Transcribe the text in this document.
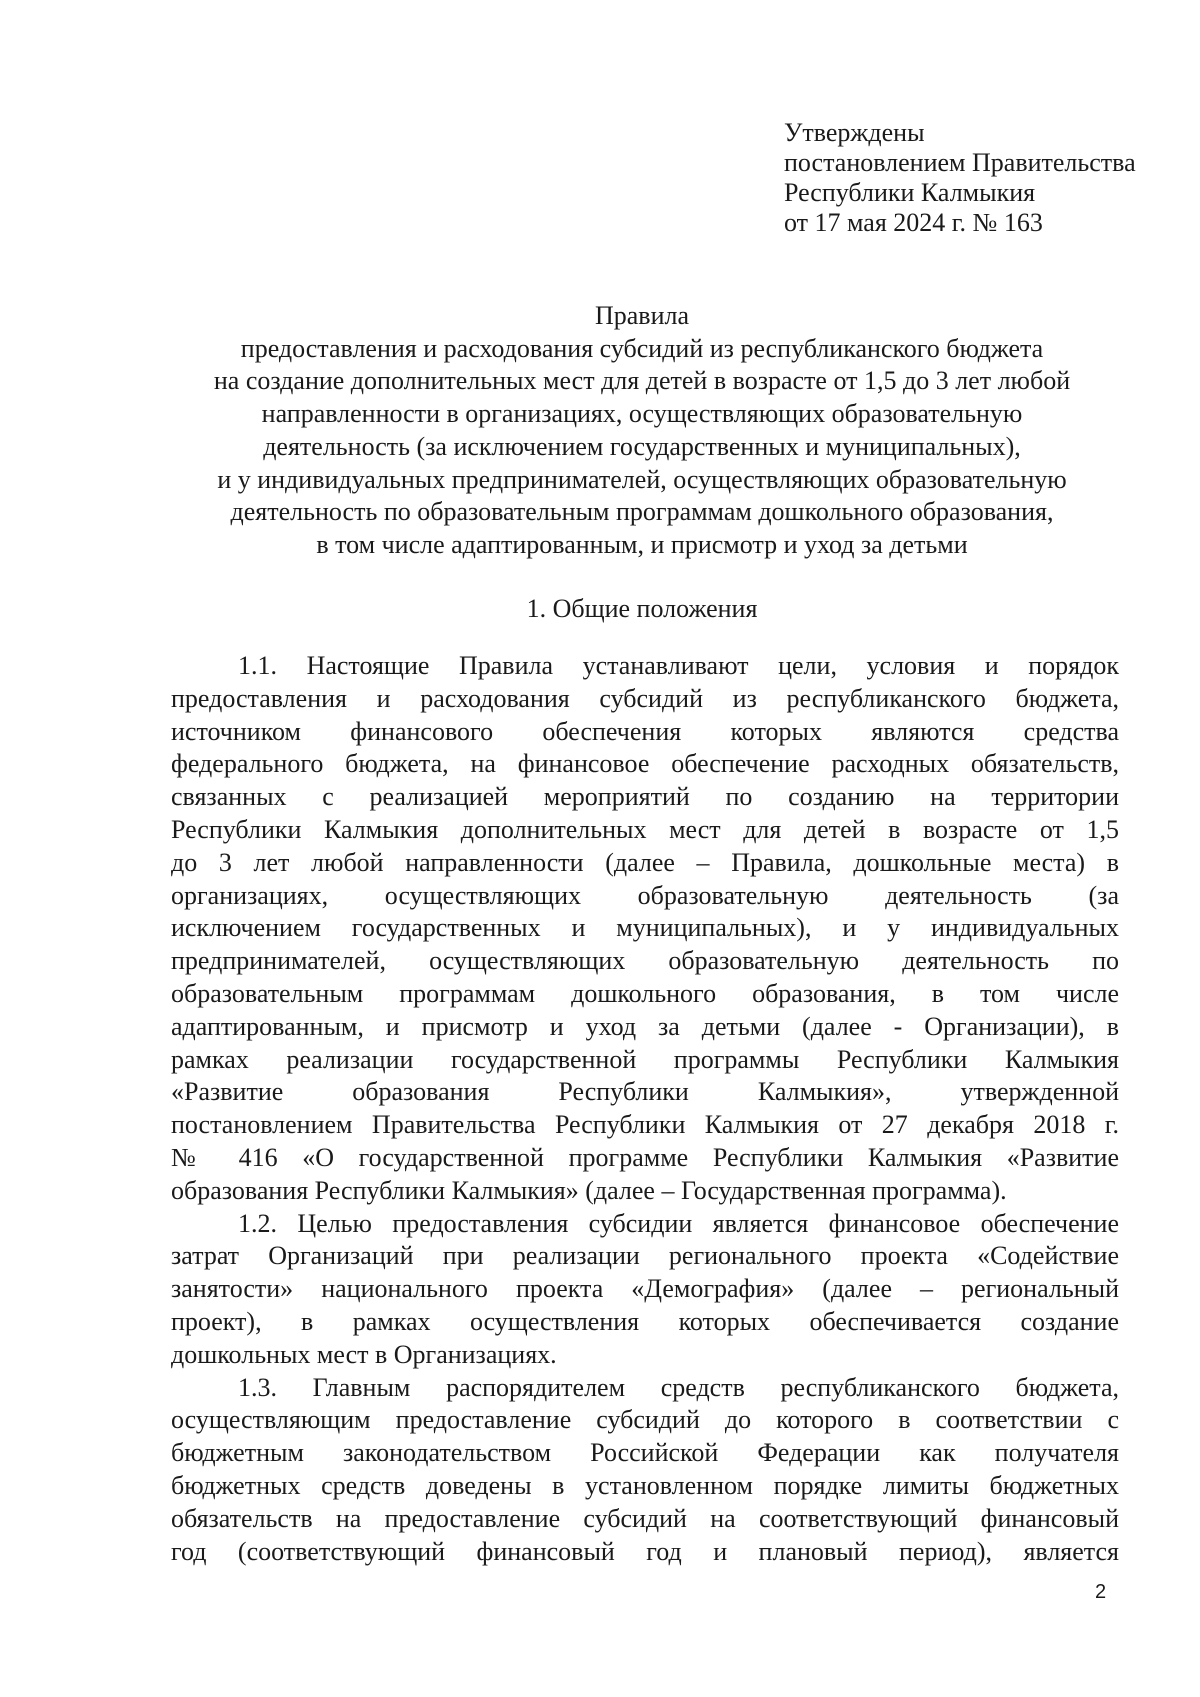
Утверждены
постановлением Правительства
Республики Калмыкия
от 17 мая 2024 г. № 163
Правила
предоставления и расходования субсидий из республиканского бюджета
на создание дополнительных мест для детей в возрасте от 1,5 до 3 лет любой
направленности в организациях, осуществляющих образовательную
деятельность (за исключением государственных и муниципальных),
и у индивидуальных предпринимателей, осуществляющих образовательную
деятельность по образовательным программам дошкольного образования,
в том числе адаптированным, и присмотр и уход за детьми
1. Общие положения
1.1. Настоящие Правила устанавливают цели, условия и порядок
предоставления и расходования субсидий из республиканского бюджета,
источником финансового обеспечения которых являются средства
федерального бюджета, на финансовое обеспечение расходных обязательств,
связанных с реализацией мероприятий по созданию на территории
Республики Калмыкия дополнительных мест для детей в возрасте от 1,5
до 3 лет любой направленности (далее – Правила, дошкольные места) в
организациях, осуществляющих образовательную деятельность (за
исключением государственных и муниципальных), и у индивидуальных
предпринимателей, осуществляющих образовательную деятельность по
образовательным программам дошкольного образования, в том числе
адаптированным, и присмотр и уход за детьми (далее - Организации), в
рамках реализации государственной программы Республики Калмыкия
«Развитие образования Республики Калмыкия», утвержденной
постановлением Правительства Республики Калмыкия от 27 декабря 2018 г.
№ 416 «О государственной программе Республики Калмыкия «Развитие
образования Республики Калмыкия» (далее – Государственная программа).
1.2. Целью предоставления субсидии является финансовое обеспечение
затрат Организаций при реализации регионального проекта «Содействие
занятости» национального проекта «Демография» (далее – региональный
проект), в рамках осуществления которых обеспечивается создание
дошкольных мест в Организациях.
1.3. Главным распорядителем средств республиканского бюджета,
осуществляющим предоставление субсидий до которого в соответствии с
бюджетным законодательством Российской Федерации как получателя
бюджетных средств доведены в установленном порядке лимиты бюджетных
обязательств на предоставление субсидий на соответствующий финансовый
год (соответствующий финансовый год и плановый период), является
2
